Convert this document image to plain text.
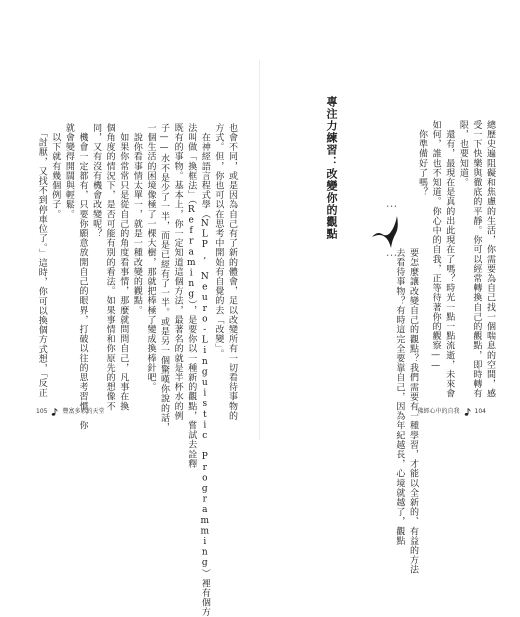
也會不同，或是因為自己有了新的體會，足以改變所有一切看待事物的
方式。但，你也可以在思考中開始有自覺的去「改變」。
　在神經語言程式學（NLP, Neuro-Linguistic Programming）裡有個方
法叫做「換框法」（Reframing），是要你以一種新的觀點，嘗試去詮釋
既有的事物。基本上，你一定知道這個方法，最著名的就是半杯水的例
子——水不是少了一半，而是已經有了一半。或是另一個驚嘆你說的話，
一個生活的困境像極了一棵大樹，那就把棒極了變成換棒針吧。
　說你看事情太單一，就是一種改變的觀點。
　如果你常常只是從自己的角度看事情，那麼就問問自己，凡事在換
個角度的情況下，是否可能有別的看法。如果事情和你原先的想像不
同，又有沒有機會改變呢？
　機會一定都有，只要你願意放開自己的眼界，打破以往的思考習慣，你
就會變得開闊與輕鬆。
　以下就有幾個例子。
　「討厭，又找不到停車位了。」這時，你可以換個方式想，「反正
105	豐富多彩的天堂
總歷史遍阻礙和焦慮的生活，你需要為自己找一個喘息的空間，感
受一下快樂與徹底的平靜。你可以經常轉換自己的觀點，即時轉有
限，也要知道。
　還有，最現在是真的出此現在了嗎？時光一點一點流逝，未來會
如何，誰也不知道。你心中的自我，正等待著你的觀察——
　你準備好了嗎？
專注力練習：改變你的觀點
要怎麼讓改變自己的觀點？我們需要有一種學習，才能以全新的、有益的方法
去看待事物？有時這完全要靠自己，因為年紀越長，心境就越了，觀點	佛經心中的自我	104
•••
•••
